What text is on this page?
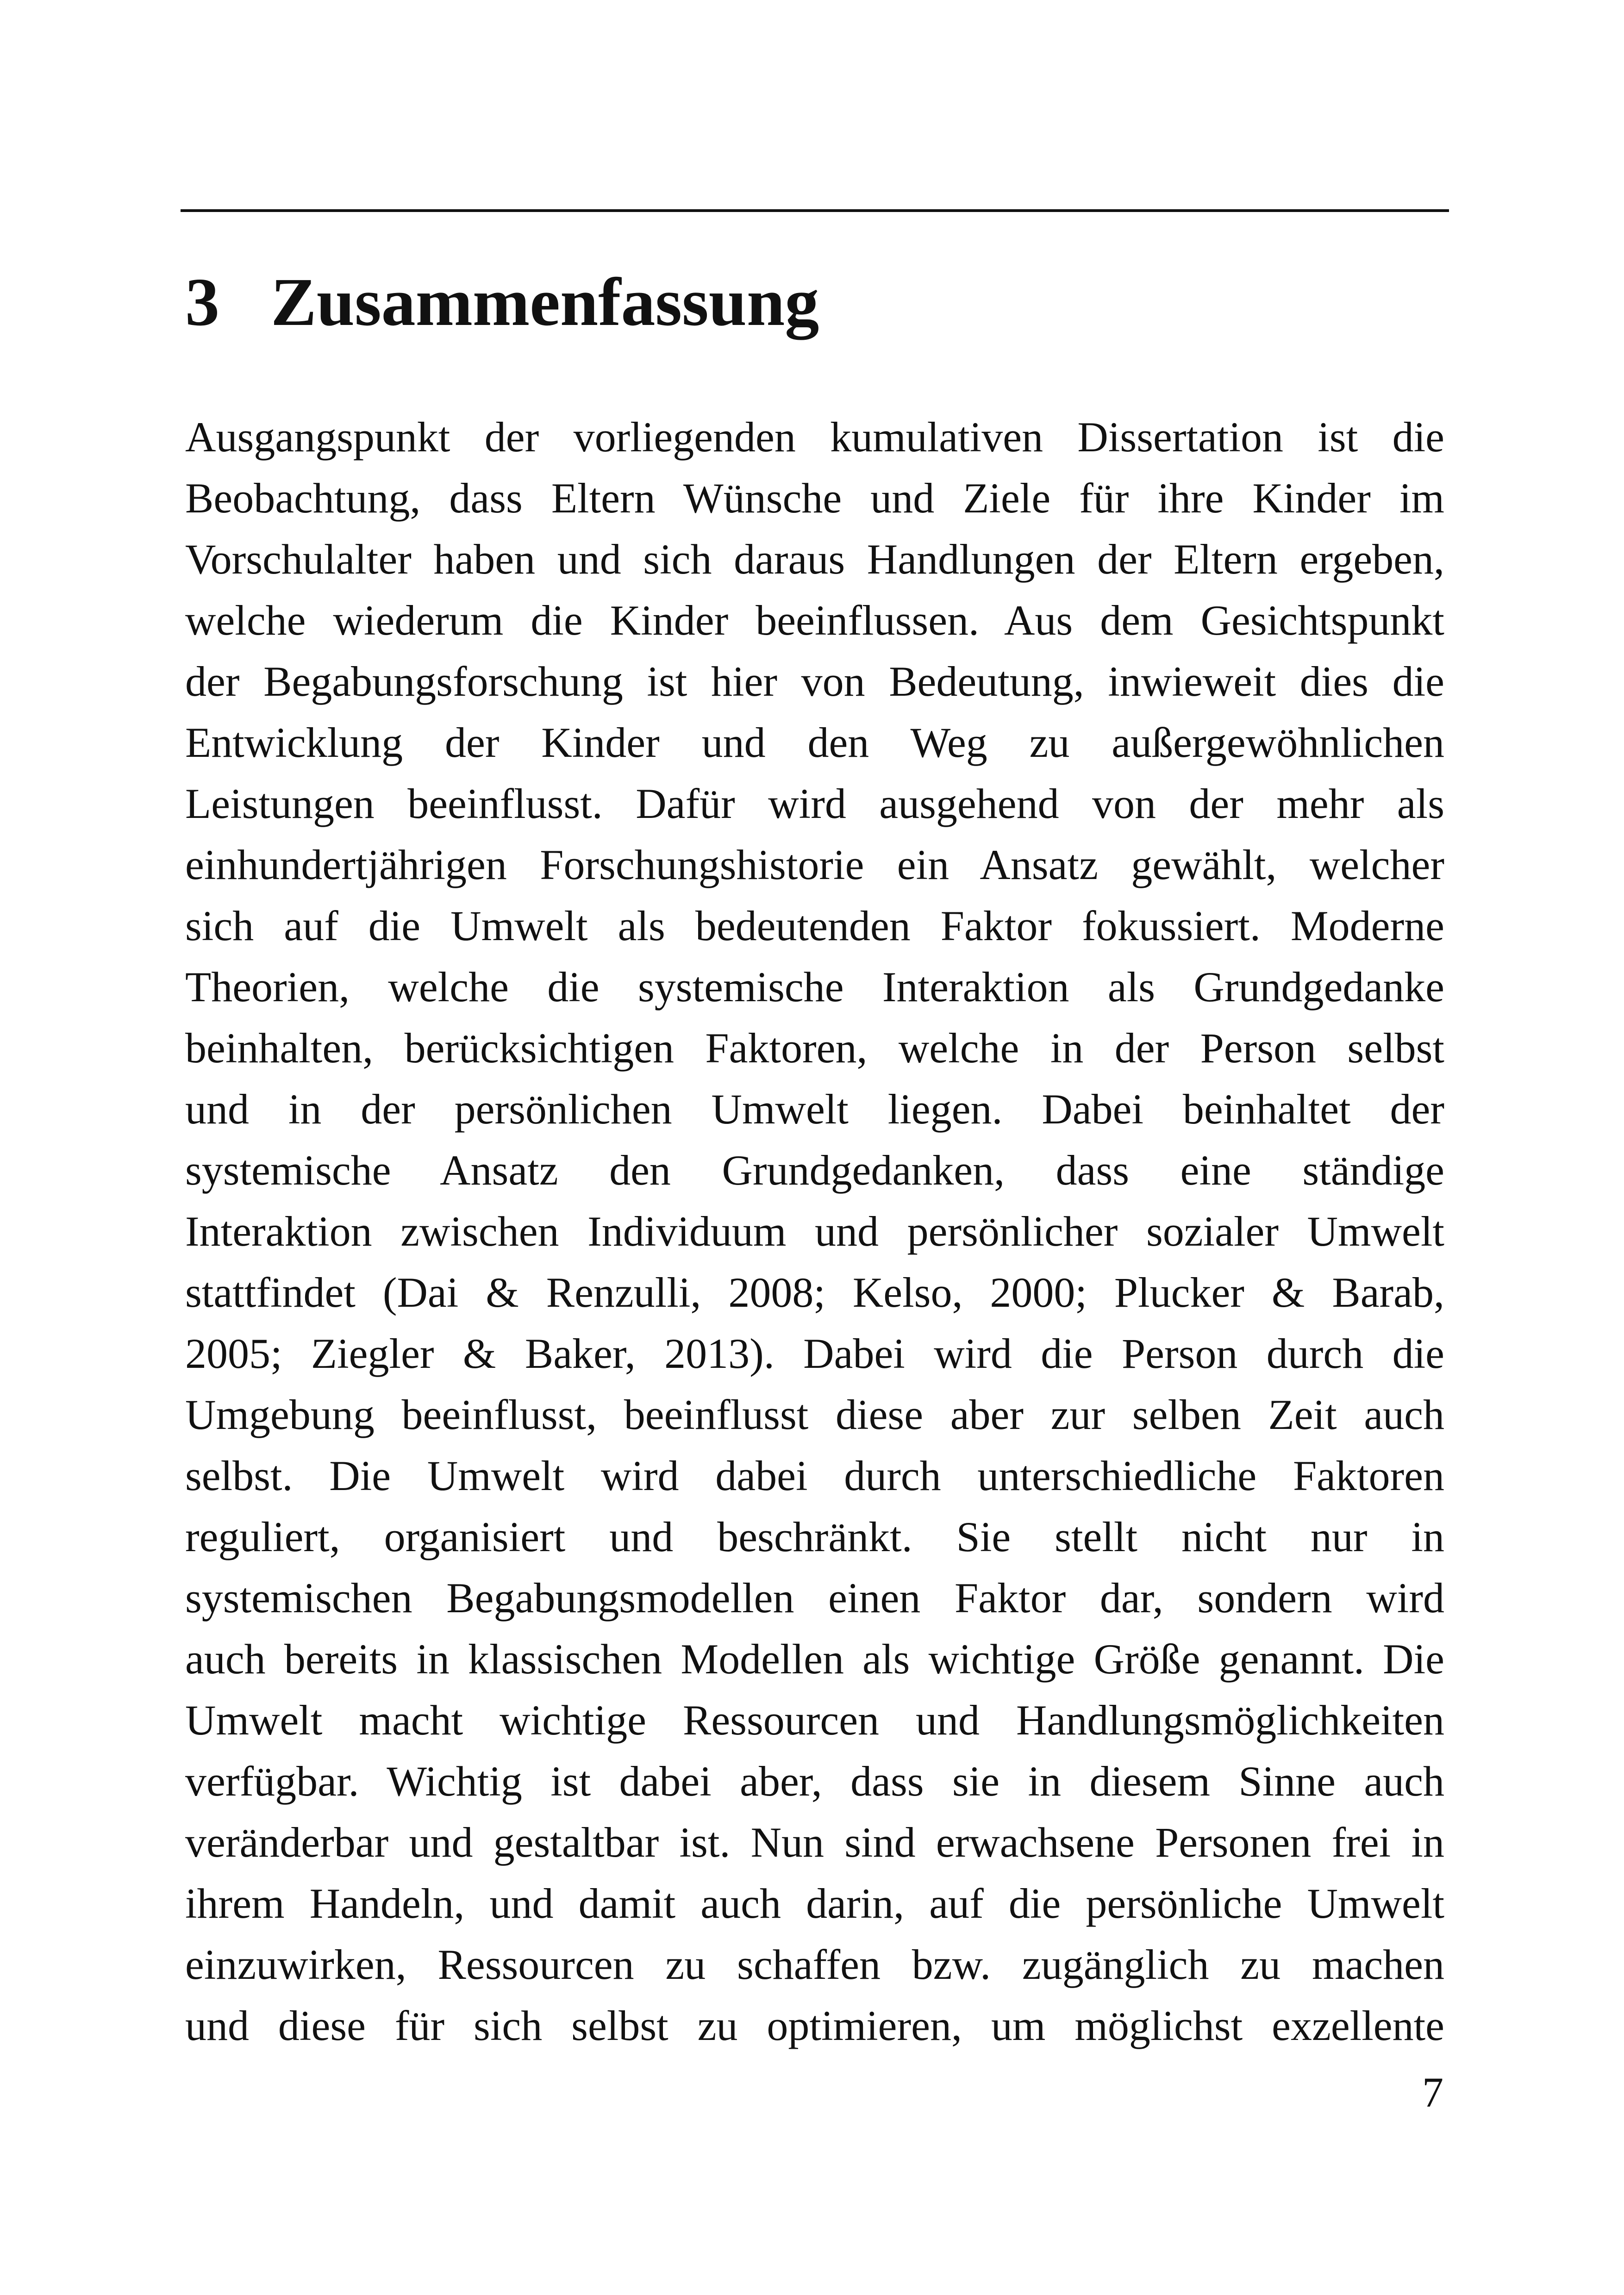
3 Zusammenfassung
Ausgangspunkt der vorliegenden kumulativen Dissertation ist die
Beobachtung, dass Eltern Wünsche und Ziele für ihre Kinder im
Vorschulalter haben und sich daraus Handlungen der Eltern ergeben,
welche wiederum die Kinder beeinflussen. Aus dem Gesichtspunkt
der Begabungsforschung ist hier von Bedeutung, inwieweit dies die
Entwicklung der Kinder und den Weg zu außergewöhnlichen
Leistungen beeinflusst. Dafür wird ausgehend von der mehr als
einhundertjährigen Forschungshistorie ein Ansatz gewählt, welcher
sich auf die Umwelt als bedeutenden Faktor fokussiert. Moderne
Theorien, welche die systemische Interaktion als Grundgedanke
beinhalten, berücksichtigen Faktoren, welche in der Person selbst
und in der persönlichen Umwelt liegen. Dabei beinhaltet der
systemische Ansatz den Grundgedanken, dass eine ständige
Interaktion zwischen Individuum und persönlicher sozialer Umwelt
stattfindet (Dai & Renzulli, 2008; Kelso, 2000; Plucker & Barab,
2005; Ziegler & Baker, 2013). Dabei wird die Person durch die
Umgebung beeinflusst, beeinflusst diese aber zur selben Zeit auch
selbst. Die Umwelt wird dabei durch unterschiedliche Faktoren
reguliert, organisiert und beschränkt. Sie stellt nicht nur in
systemischen Begabungsmodellen einen Faktor dar, sondern wird
auch bereits in klassischen Modellen als wichtige Größe genannt. Die
Umwelt macht wichtige Ressourcen und Handlungsmöglichkeiten
verfügbar. Wichtig ist dabei aber, dass sie in diesem Sinne auch
veränderbar und gestaltbar ist. Nun sind erwachsene Personen frei in
ihrem Handeln, und damit auch darin, auf die persönliche Umwelt
einzuwirken, Ressourcen zu schaffen bzw. zugänglich zu machen
und diese für sich selbst zu optimieren, um möglichst exzellente
7
